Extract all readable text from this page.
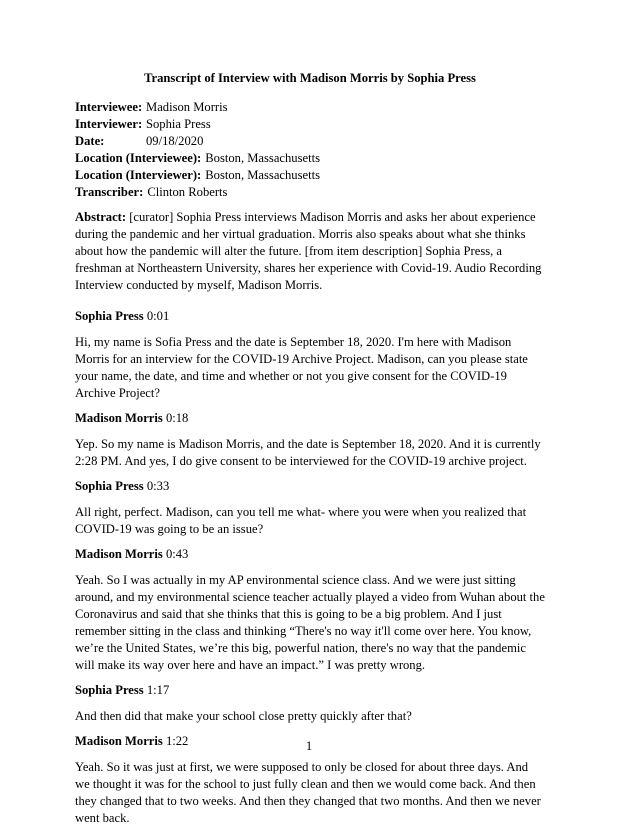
Transcript of Interview with Madison Morris by Sophia Press
Interviewee: Madison Morris
Interviewer: Sophia Press
Date:	09/18/2020
Location (Interviewee): Boston, Massachusetts
Location (Interviewer): Boston, Massachusetts
Transcriber: Clinton Roberts
Abstract: [curator] Sophia Press interviews Madison Morris and asks her about experience during the pandemic and her virtual graduation. Morris also speaks about what she thinks about how the pandemic will alter the future. [from item description] Sophia Press, a freshman at Northeastern University, shares her experience with Covid-19. Audio Recording Interview conducted by myself, Madison Morris.
Sophia Press 0:01
Hi, my name is Sofia Press and the date is September 18, 2020. I'm here with Madison Morris for an interview for the COVID-19 Archive Project. Madison, can you please state your name, the date, and time and whether or not you give consent for the COVID-19 Archive Project?
Madison Morris 0:18
Yep. So my name is Madison Morris, and the date is September 18, 2020. And it is currently 2:28 PM. And yes, I do give consent to be interviewed for the COVID-19 archive project.
Sophia Press 0:33
All right, perfect. Madison, can you tell me what- where you were when you realized that COVID-19 was going to be an issue?
Madison Morris 0:43
Yeah. So I was actually in my AP environmental science class. And we were just sitting around, and my environmental science teacher actually played a video from Wuhan about the Coronavirus and said that she thinks that this is going to be a big problem. And I just remember sitting in the class and thinking “There's no way it'll come over here. You know, we’re the United States, we’re this big, powerful nation, there's no way that the pandemic will make its way over here and have an impact.” I was pretty wrong.
Sophia Press 1:17
And then did that make your school close pretty quickly after that?
Madison Morris 1:22
Yeah. So it was just at first, we were supposed to only be closed for about three days. And we thought it was for the school to just fully clean and then we would come back. And then they changed that to two weeks. And then they changed that two months. And then we never went back.
1
